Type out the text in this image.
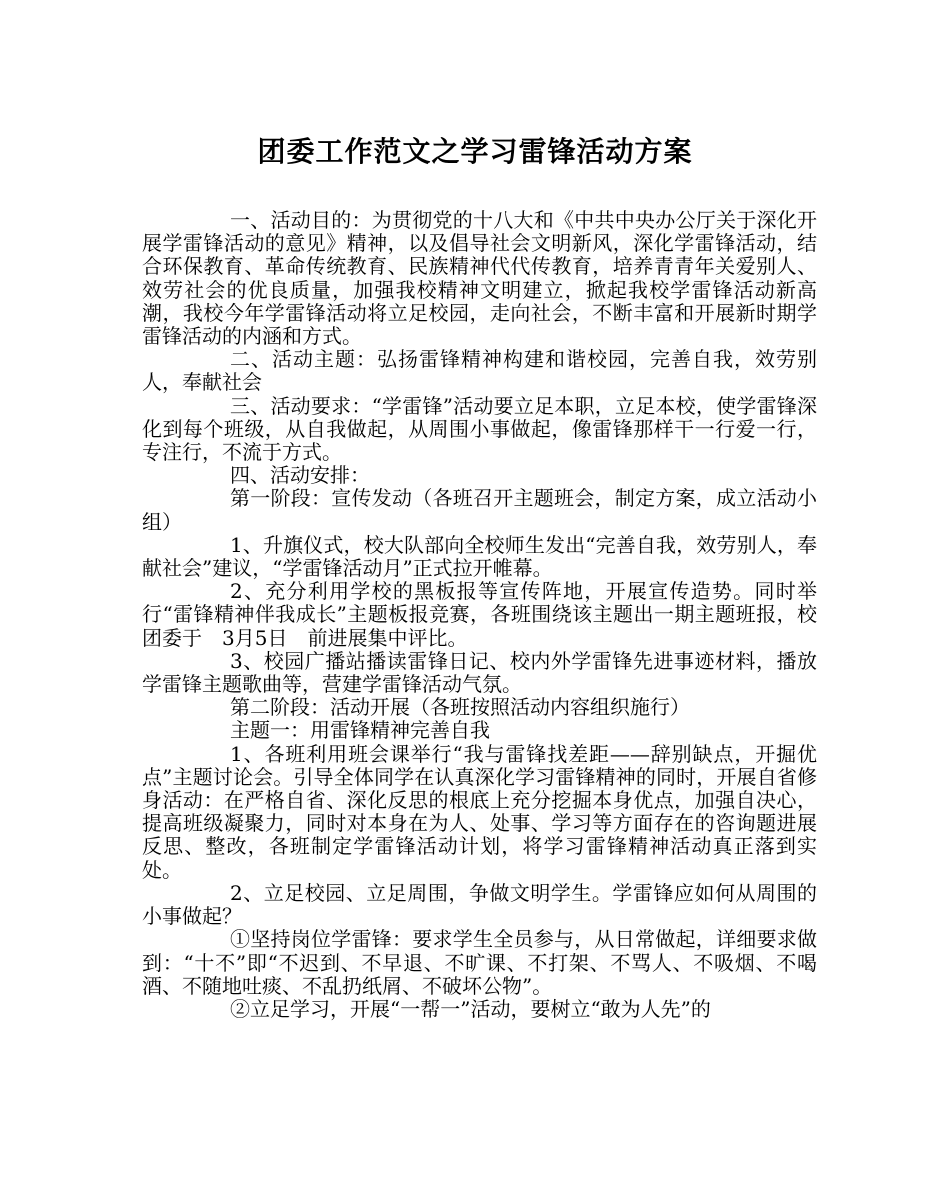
团委工作范文之学习雷锋活动方案

一、活动目的：为贯彻党的十八大和《中共中央办公厅关于深化开展学雷锋活动的意见》精神，以及倡导社会文明新风，深化学雷锋活动，结合环保教育、革命传统教育、民族精神代代传教育，培养青青年关爱别人、效劳社会的优良质量，加强我校精神文明建立，掀起我校学雷锋活动新高潮，我校今年学雷锋活动将立足校园，走向社会，不断丰富和开展新时期学雷锋活动的内涵和方式。

二、活动主题：弘扬雷锋精神构建和谐校园，完善自我，效劳别人，奉献社会

三、活动要求：“学雷锋”活动要立足本职，立足本校，使学雷锋深化到每个班级，从自我做起，从周围小事做起，像雷锋那样干一行爱一行，专注行，不流于方式。

四、活动安排：

第一阶段：宣传发动（各班召开主题班会，制定方案，成立活动小组）

1、升旗仪式，校大队部向全校师生发出“完善自我，效劳别人，奉献社会”建议，“学雷锋活动月”正式拉开帷幕。

2、充分利用学校的黑板报等宣传阵地，开展宣传造势。同时举行“雷锋精神伴我成长”主题板报竞赛，各班围绕该主题出一期主题班报，校团委于　3月5日　前进展集中评比。

3、校园广播站播读雷锋日记、校内外学雷锋先进事迹材料，播放学雷锋主题歌曲等，营建学雷锋活动气氛。

第二阶段：活动开展（各班按照活动内容组织施行）

主题一：用雷锋精神完善自我

1、各班利用班会课举行“我与雷锋找差距——辞别缺点，开掘优点”主题讨论会。引导全体同学在认真深化学习雷锋精神的同时，开展自省修身活动：在严格自省、深化反思的根底上充分挖掘本身优点，加强自决心，提高班级凝聚力，同时对本身在为人、处事、学习等方面存在的咨询题进展反思、整改，各班制定学雷锋活动计划，将学习雷锋精神活动真正落到实处。

2、立足校园、立足周围，争做文明学生。学雷锋应如何从周围的小事做起？

①坚持岗位学雷锋：要求学生全员参与，从日常做起，详细要求做到：“十不”即“不迟到、不早退、不旷课、不打架、不骂人、不吸烟、不喝酒、不随地吐痰、不乱扔纸屑、不破坏公物”。

②立足学习，开展“一帮一”活动，要树立“敢为人先”的
